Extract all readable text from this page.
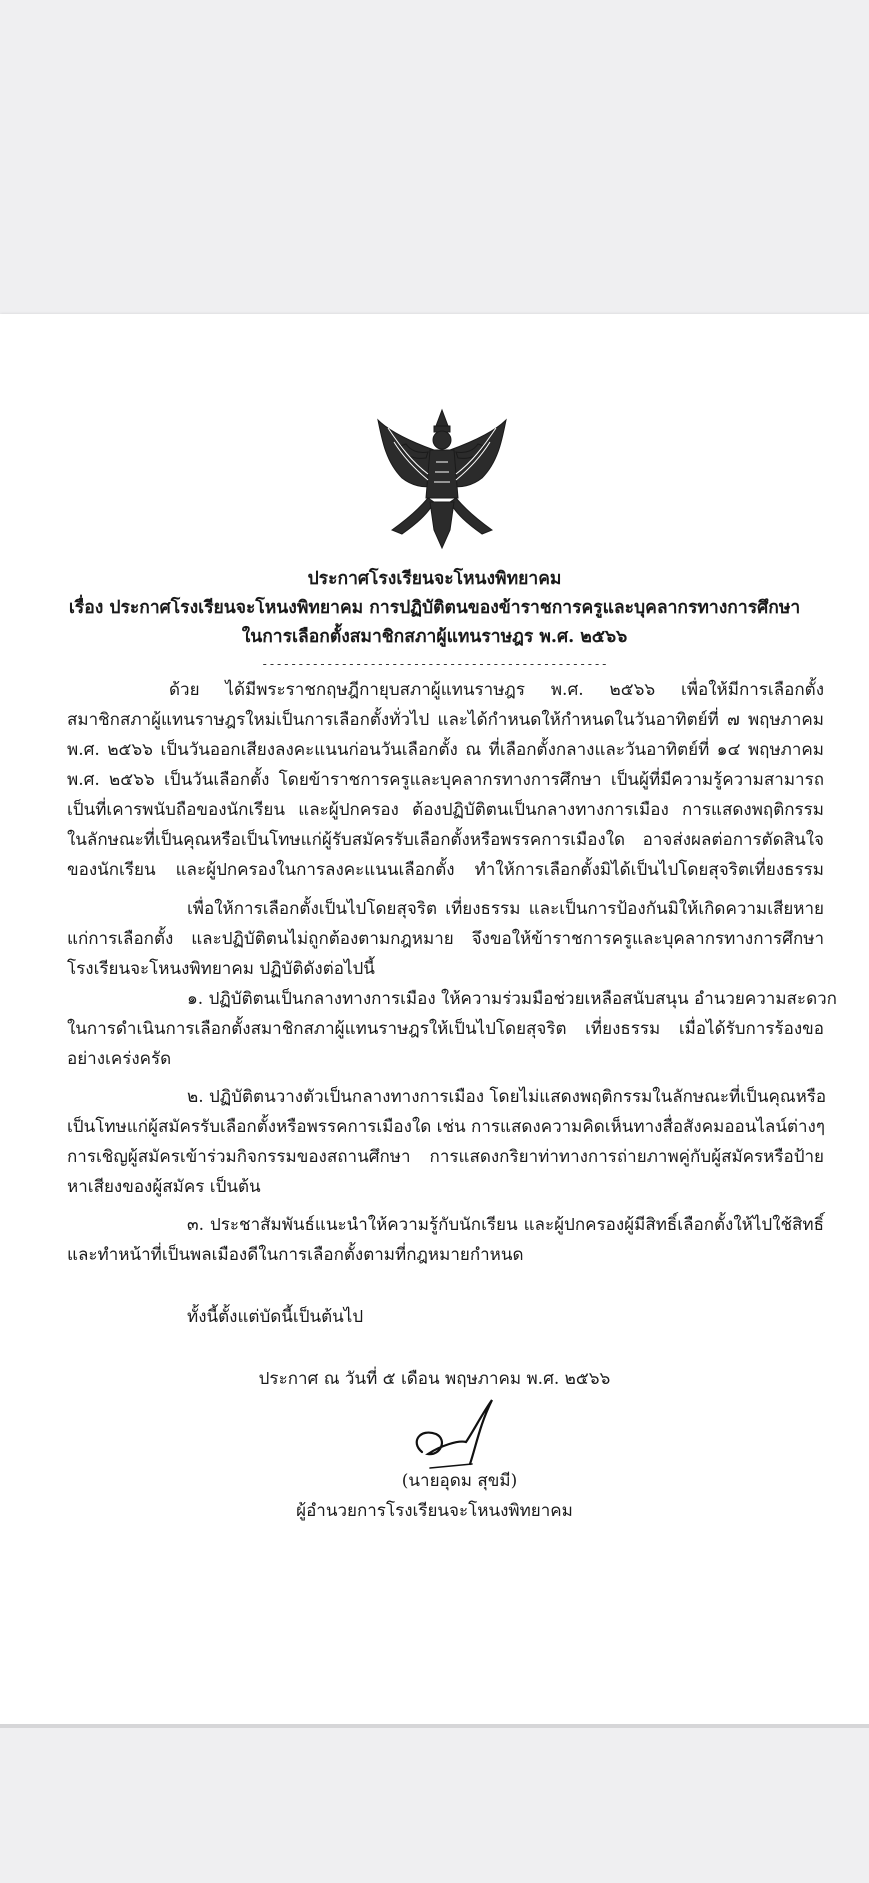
ประกาศโรงเรียนจะโหนงพิทยาคม
เรื่อง ประกาศโรงเรียนจะโหนงพิทยาคม การปฏิบัติตนของข้าราชการครูและบุคลากรทางการศึกษา
ในการเลือกตั้งสมาชิกสภาผู้แทนราษฎร พ.ศ. ๒๕๖๖
------------------------------------------------
ด้วย ได้มีพระราชกฤษฎีกายุบสภาผู้แทนราษฎร พ.ศ. ๒๕๖๖ เพื่อให้มีการเลือกตั้ง
สมาชิกสภาผู้แทนราษฎรใหม่เป็นการเลือกตั้งทั่วไป และได้กำหนดให้กำหนดในวันอาทิตย์ที่ ๗ พฤษภาคม
พ.ศ. ๒๕๖๖ เป็นวันออกเสียงลงคะแนนก่อนวันเลือกตั้ง ณ ที่เลือกตั้งกลางและวันอาทิตย์ที่ ๑๔ พฤษภาคม
พ.ศ. ๒๕๖๖ เป็นวันเลือกตั้ง โดยข้าราชการครูและบุคลากรทางการศึกษา เป็นผู้ที่มีความรู้ความสามารถ
เป็นที่เคารพนับถือของนักเรียน และผู้ปกครอง ต้องปฏิบัติตนเป็นกลางทางการเมือง การแสดงพฤติกรรม
ในลักษณะที่เป็นคุณหรือเป็นโทษแก่ผู้รับสมัครรับเลือกตั้งหรือพรรคการเมืองใด อาจส่งผลต่อการตัดสินใจ
ของนักเรียน และผู้ปกครองในการลงคะแนนเลือกตั้ง ทำให้การเลือกตั้งมิได้เป็นไปโดยสุจริตเที่ยงธรรม
เพื่อให้การเลือกตั้งเป็นไปโดยสุจริต เที่ยงธรรม และเป็นการป้องกันมิให้เกิดความเสียหาย
แก่การเลือกตั้ง และปฏิบัติตนไม่ถูกต้องตามกฎหมาย จึงขอให้ข้าราชการครูและบุคลากรทางการศึกษา
โรงเรียนจะโหนงพิทยาคม ปฏิบัติดังต่อไปนี้
๑. ปฏิบัติตนเป็นกลางทางการเมือง ให้ความร่วมมือช่วยเหลือสนับสนุน อำนวยความสะดวก
ในการดำเนินการเลือกตั้งสมาชิกสภาผู้แทนราษฎรให้เป็นไปโดยสุจริต เที่ยงธรรม เมื่อได้รับการร้องขอ
อย่างเคร่งครัด
๒. ปฏิบัติตนวางตัวเป็นกลางทางการเมือง โดยไม่แสดงพฤติกรรมในลักษณะที่เป็นคุณหรือ
เป็นโทษแก่ผู้สมัครรับเลือกตั้งหรือพรรคการเมืองใด เช่น การแสดงความคิดเห็นทางสื่อสังคมออนไลน์ต่างๆ
การเชิญผู้สมัครเข้าร่วมกิจกรรมของสถานศึกษา การแสดงกริยาท่าทางการถ่ายภาพคู่กับผู้สมัครหรือป้าย
หาเสียงของผู้สมัคร เป็นต้น
๓. ประชาสัมพันธ์แนะนำให้ความรู้กับนักเรียน และผู้ปกครองผู้มีสิทธิ์เลือกตั้งให้ไปใช้สิทธิ์
และทำหน้าที่เป็นพลเมืองดีในการเลือกตั้งตามที่กฎหมายกำหนด
ทั้งนี้ตั้งแต่บัดนี้เป็นต้นไป
ประกาศ ณ วันที่ ๕ เดือน พฤษภาคม พ.ศ. ๒๕๖๖
(นายอุดม สุขมี)
ผู้อำนวยการโรงเรียนจะโหนงพิทยาคม
